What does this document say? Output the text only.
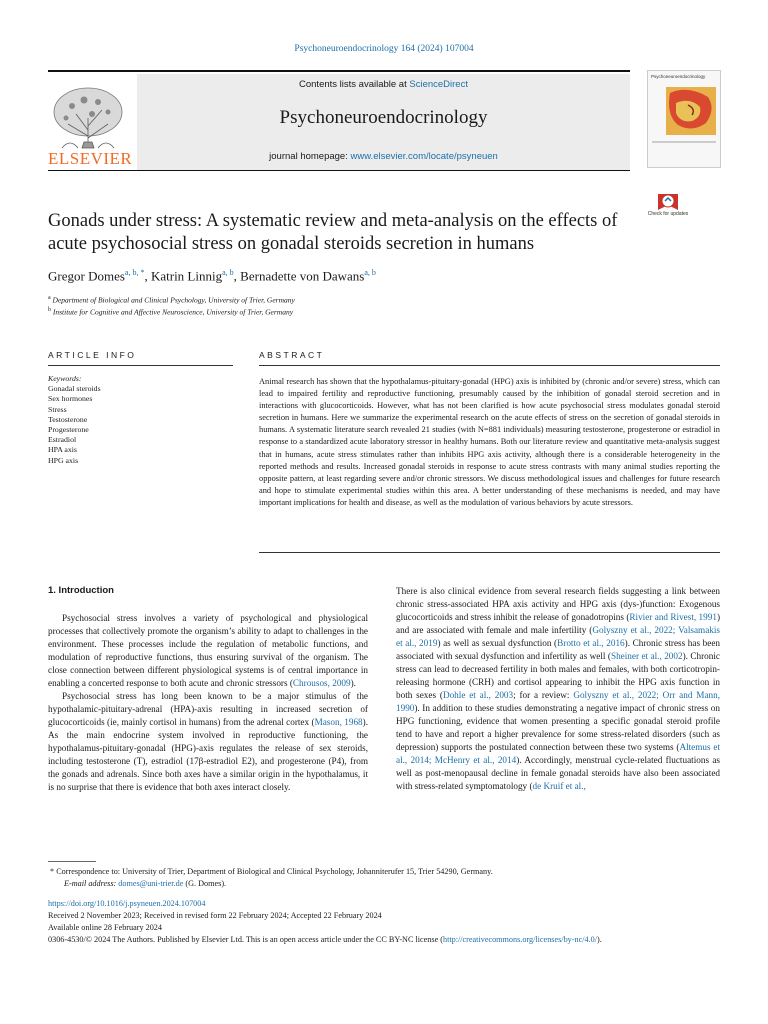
Psychoneuroendocrinology 164 (2024) 107004
ELSEVIER
Contents lists available at ScienceDirect
Psychoneuroendocrinology
journal homepage: www.elsevier.com/locate/psyneuen
Psychoneuroendocrinology
Gonads under stress: A systematic review and meta-analysis on the effects of acute psychosocial stress on gonadal steroids secretion in humans
Check for updates
Gregor Domes$^{a, b, *}$, Katrin Linnig$^{a, b}$, Bernadette von Dawans$^{a, b}$
$^a$ Department of Biological and Clinical Psychology, University of Trier, Germany
$^b$ Institute for Cognitive and Affective Neuroscience, University of Trier, Germany
ARTICLE INFO	ABSTRACT
Keywords:
Gonadal steroids
Sex hormones
Stress
Testosterone
Progesterone
Estradiol
HPA axis
HPG axis
Animal research has shown that the hypothalamus-pituitary-gonadal (HPG) axis is inhibited by (chronic and/or severe) stress, which can lead to impaired fertility and reproductive functioning, presumably caused by the inhibition of gonadal steroid secretion and in interactions with glucocorticoids. However, what has not been clarified is how acute psychosocial stress modulates gonadal steroid secretion in humans. Here we summarize the experimental research on the acute effects of stress on the secretion of gonadal steroids in humans. A systematic literature search revealed 21 studies (with N=881 individuals) measuring testosterone, progesterone or estradiol in response to a standardized acute laboratory stressor in healthy humans. Both our literature review and quantitative meta-analysis suggest that in humans, acute stress stimulates rather than inhibits HPG axis activity, although there is a considerable heterogeneity in the reported methods and results. Increased gonadal steroids in response to acute stress contrasts with many animal studies reporting the opposite pattern, at least regarding severe and/or chronic stressors. We discuss methodological issues and challenges for future research and hope to stimulate experimental studies within this area. A better understanding of these mechanisms is needed, and may have important implications for health and disease, as well as the modulation of various behaviors by acute stressors.
1. Introduction
Psychosocial stress involves a variety of psychological and physiological processes that collectively promote the organism’s ability to adapt to challenges in the environment. These processes include the regulation of metabolic functions, and modulation of reproductive functions, thus ensuring survival of the organism. The close connection between different physiological systems is of central importance in enabling a concerted response to both acute and chronic stressors (Chrousos, 2009).
Psychosocial stress has long been known to be a major stimulus of the hypothalamic-pituitary-adrenal (HPA)-axis resulting in increased secretion of glucocorticoids (ie, mainly cortisol in humans) from the adrenal cortex (Mason, 1968). As the main endocrine system involved in reproductive functioning, the hypothalamus-pituitary-gonadal (HPG)-axis regulates the release of sex steroids, including testosterone (T), estradiol (17β-estradiol E2), and progesterone (P4), from the gonads and adrenals. Since both axes have a similar origin in the hypothalamus, it is no surprise that there is evidence that both axes interact closely.
There is also clinical evidence from several research fields suggesting a link between chronic stress-associated HPA axis activity and HPG axis (dys-)function: Exogenous glucocorticoids and stress inhibit the release of gonadotropins (Rivier and Rivest, 1991) and are associated with female and male infertility (Golyszny et al., 2022; Valsamakis et al., 2019) as well as sexual dysfunction (Brotto et al., 2016). Chronic stress has been associated with sexual dysfunction and infertility as well (Sheiner et al., 2002). Chronic stress can lead to decreased fertility in both males and females, with both corticotropin-releasing hormone (CRH) and cortisol appearing to inhibit the HPG axis function in both sexes (Dohle et al., 2003; for a review: Golyszny et al., 2022; Orr and Mann, 1990). In addition to these studies demonstrating a negative impact of chronic stress on HPG functioning, evidence that women presenting a specific gonadal steroid profile tend to have and report a higher prevalence for some stress-related disorders (such as depression) supports the postulated connection between these two systems (Altemus et al., 2014; McHenry et al., 2014). Accordingly, menstrual cycle-related fluctuations as well as post-menopausal decline in female gonadal steroids have also been associated with stress-related symptomatology (de Kruif et al.,
* Correspondence to: University of Trier, Department of Biological and Clinical Psychology, Johanniterufer 15, Trier 54290, Germany.
E-mail address: domes@uni-trier.de (G. Domes).
https://doi.org/10.1016/j.psyneuen.2024.107004
Received 2 November 2023; Received in revised form 22 February 2024; Accepted 22 February 2024
Available online 28 February 2024
0306-4530/© 2024 The Authors. Published by Elsevier Ltd. This is an open access article under the CC BY-NC license (http://creativecommons.org/licenses/by-nc/4.0/).
